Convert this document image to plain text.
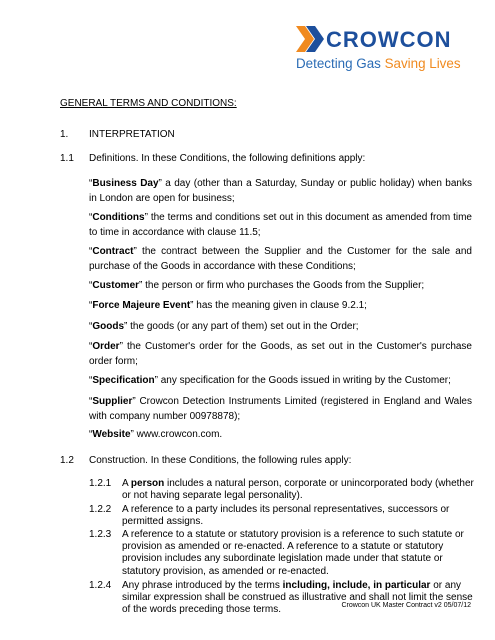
CROWCON
Detecting Gas Saving Lives
GENERAL TERMS AND CONDITIONS:
1. INTERPRETATION
1.1 Definitions. In these Conditions, the following definitions apply:
“Business Day” a day (other than a Saturday, Sunday or public holiday) when banks in London are open for business;
“Conditions” the terms and conditions set out in this document as amended from time to time in accordance with clause 11.5;
“Contract” the contract between the Supplier and the Customer for the sale and purchase of the Goods in accordance with these Conditions;
“Customer” the person or firm who purchases the Goods from the Supplier;
“Force Majeure Event” has the meaning given in clause 9.2.1;
“Goods” the goods (or any part of them) set out in the Order;
“Order” the Customer's order for the Goods, as set out in the Customer's purchase order form;
“Specification” any specification for the Goods issued in writing by the Customer;
“Supplier” Crowcon Detection Instruments Limited (registered in England and Wales with company number 00978878);
“Website” www.crowcon.com.
1.2 Construction. In these Conditions, the following rules apply:
1.2.1 A person includes a natural person, corporate or unincorporated body (whether or not having separate legal personality).
1.2.2 A reference to a party includes its personal representatives, successors or permitted assigns.
1.2.3 A reference to a statute or statutory provision is a reference to such statute or provision as amended or re-enacted. A reference to a statute or statutory provision includes any subordinate legislation made under that statute or statutory provision, as amended or re-enacted.
1.2.4 Any phrase introduced by the terms including, include, in particular or any similar expression shall be construed as illustrative and shall not limit the sense of the words preceding those terms.	Crowcon UK Master Contract v2 05/07/12
